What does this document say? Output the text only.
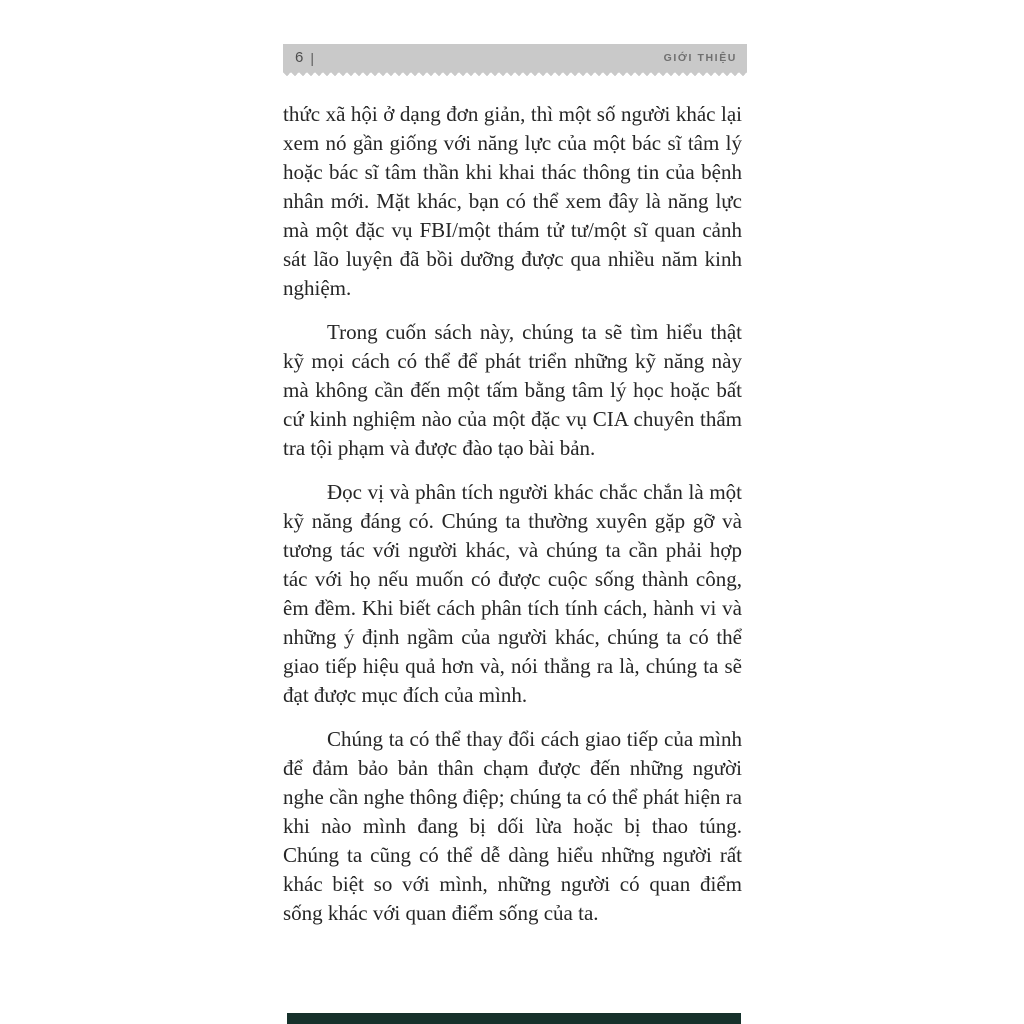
6 |	GIỚI THIỆU

thức xã hội ở dạng đơn giản, thì một số người khác lại xem nó gần giống với năng lực của một bác sĩ tâm lý hoặc bác sĩ tâm thần khi khai thác thông tin của bệnh nhân mới. Mặt khác, bạn có thể xem đây là năng lực mà một đặc vụ FBI/một thám tử tư/một sĩ quan cảnh sát lão luyện đã bồi dưỡng được qua nhiều năm kinh nghiệm.

Trong cuốn sách này, chúng ta sẽ tìm hiểu thật kỹ mọi cách có thể để phát triển những kỹ năng này mà không cần đến một tấm bằng tâm lý học hoặc bất cứ kinh nghiệm nào của một đặc vụ CIA chuyên thẩm tra tội phạm và được đào tạo bài bản.

Đọc vị và phân tích người khác chắc chắn là một kỹ năng đáng có. Chúng ta thường xuyên gặp gỡ và tương tác với người khác, và chúng ta cần phải hợp tác với họ nếu muốn có được cuộc sống thành công, êm đềm. Khi biết cách phân tích tính cách, hành vi và những ý định ngầm của người khác, chúng ta có thể giao tiếp hiệu quả hơn và, nói thẳng ra là, chúng ta sẽ đạt được mục đích của mình.

Chúng ta có thể thay đổi cách giao tiếp của mình để đảm bảo bản thân chạm được đến những người nghe cần nghe thông điệp; chúng ta có thể phát hiện ra khi nào mình đang bị dối lừa hoặc bị thao túng. Chúng ta cũng có thể dễ dàng hiểu những người rất khác biệt so với mình, những người có quan điểm sống khác với quan điểm sống của ta.
